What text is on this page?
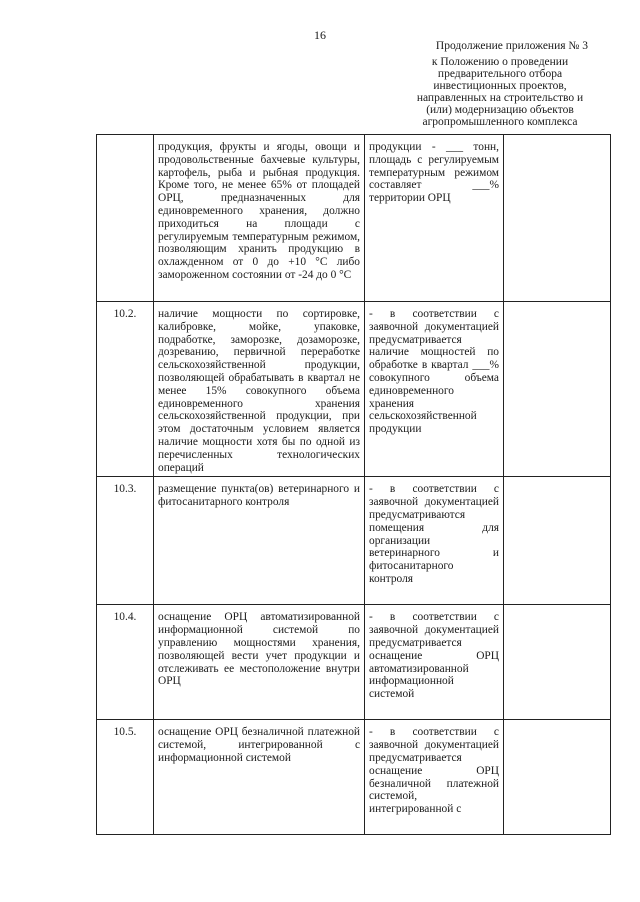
16
Продолжение приложения № 3
к Положению о проведении
предварительного отбора
инвестиционных проектов,
направленных на строительство и
(или) модернизацию объектов
агропромышленного комплекса
	продукция, фрукты и ягоды, овощи и продовольственные бахчевые культуры, картофель, рыба и рыбная продукция. Кроме того, не менее 65% от площадей ОРЦ, предназначенных для единовременного хранения, должно приходиться на площади с регулируемым температурным режимом, позволяющим хранить продукцию в охлажденном от 0 до +10 °С либо замороженном состоянии от -24 до 0 °С	продукции - ___ тонн, площадь с регулируемым температурным режимом составляет ___% территории ОРЦ	
10.2.	наличие мощности по сортировке, калибровке, мойке, упаковке, подработке, заморозке, дозаморозке, дозреванию, первичной переработке сельскохозяйственной продукции, позволяющей обрабатывать в квартал не менее 15% совокупного объема единовременного хранения сельскохозяйственной продукции, при этом достаточным условием является наличие мощности хотя бы по одной из перечисленных технологических операций	- в соответствии с заявочной документацией предусматривается наличие мощностей по обработке в квартал ___% совокупного объема единовременного хранения сельскохозяйственной продукции	
10.3.	размещение пункта(ов) ветеринарного и фитосанитарного контроля	- в соответствии с заявочной документацией предусматриваются помещения для организации ветеринарного и фитосанитарного контроля	
10.4.	оснащение ОРЦ автоматизированной информационной системой по управлению мощностями хранения, позволяющей вести учет продукции и отслеживать ее местоположение внутри ОРЦ	- в соответствии с заявочной документацией предусматривается оснащение ОРЦ автоматизированной информационной системой	
10.5.	оснащение ОРЦ безналичной платежной системой, интегрированной с информационной системой	- в соответствии с заявочной документацией предусматривается оснащение ОРЦ безналичной платежной системой, интегрированной с	
